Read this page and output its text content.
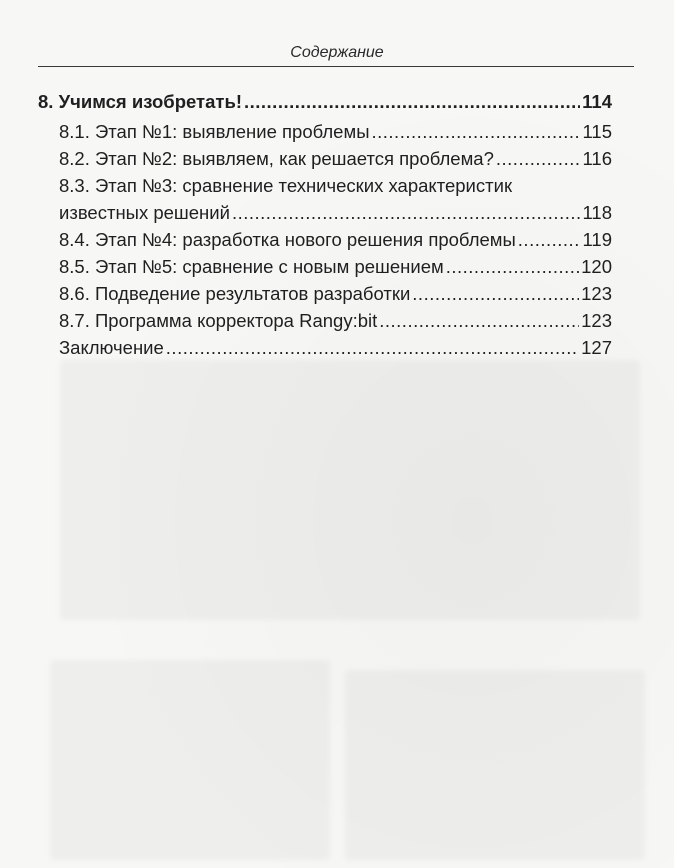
Содержание
8. Учимся изобретать! .....	114
8.1. Этап №1: выявление проблемы .....	115
8.2. Этап №2: выявляем, как решается проблема? .....	116
8.3. Этап №3: сравнение технических характеристик
известных решений .....	118
8.4. Этап №4: разработка нового решения проблемы .....	119
8.5. Этап №5: сравнение с новым решением .....	120
8.6. Подведение результатов разработки .....	123
8.7. Программа корректора Rangy:bit .....	123
Заключение .....	127
